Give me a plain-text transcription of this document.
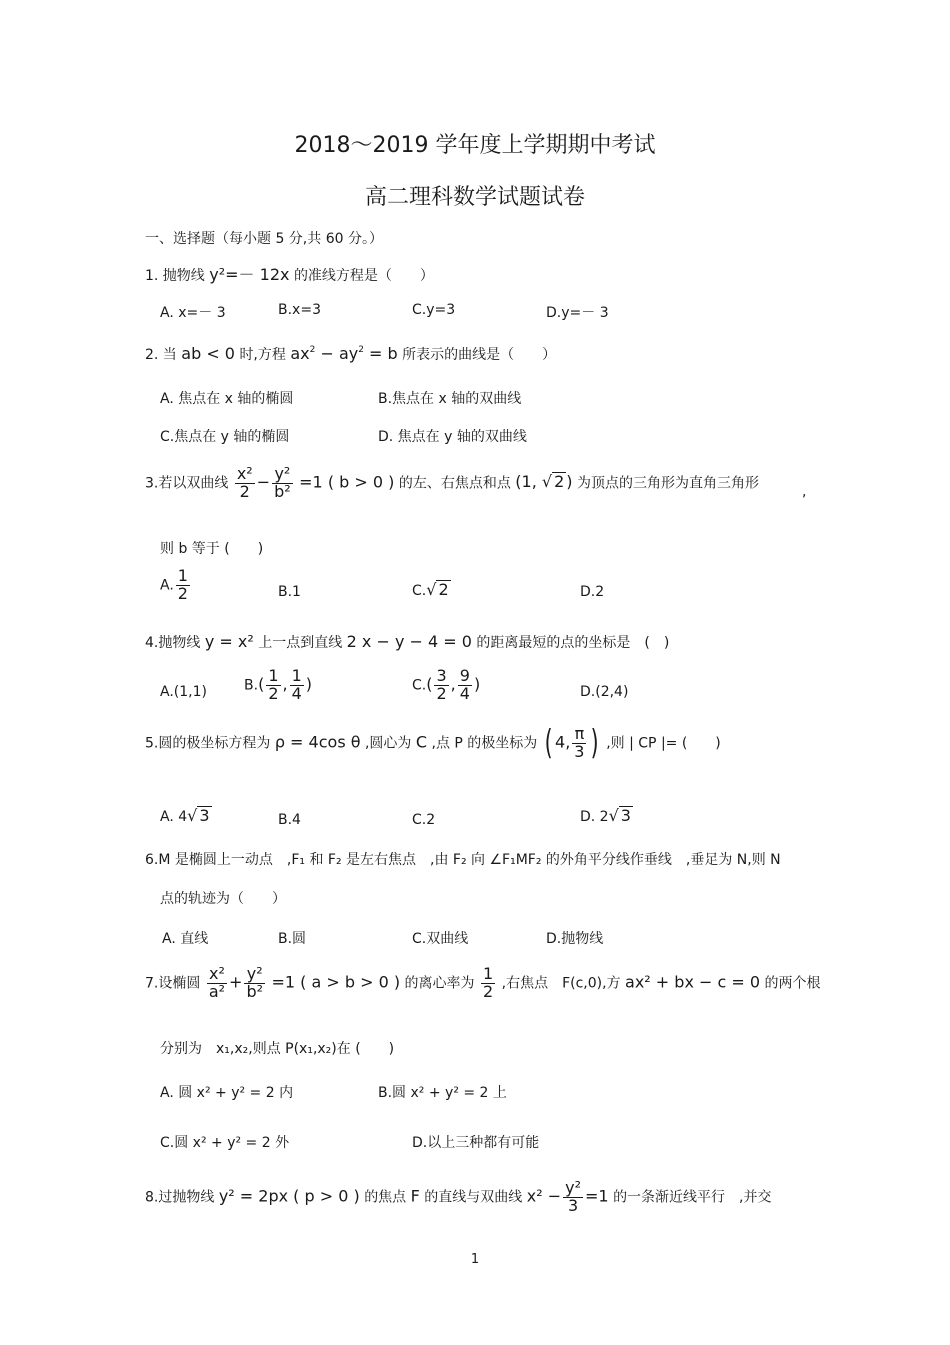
2018～2019 学年度上学期期中考试
高二理科数学试题试卷
一、选择题（每小题 5 分,共 60 分。）
1. 抛物线 y²=－ 12x 的准线方程是（　　）
A. x=－ 3	B.x=3	C.y=3	D.y=－ 3
2. 当 ab < 0 时,方程 $ax^2 - ay^2 = b$ 所表示的曲线是（　　）
A. 焦点在 x 轴的椭圆	B.焦点在 x 轴的双曲线
C.焦点在 y 轴的椭圆	D. 焦点在 y 轴的双曲线
3.若以双曲线 $\frac{\text{x²}}{2} - \frac{\text{y²}}{\text{b²}} =1$ ( b > 0 ) 的左、右焦点和点 (1, √ 2 ) 为顶点的三角形为直角三角形
,
则 b 等于 (　　)
A. $\frac{1}{2}$	B.1	C.√ 2	D.2
4.抛物线 y = x² 上一点到直线 2 x − y − 4 = 0 的距离最短的点的坐标是　(　)
A.(1,1)	$B.( \frac{1}{2}$ , $\frac{1}{4}$ )	$C.( \frac{3}{2}$ , $\frac{9}{4}$ )	D.(2,4)
5.圆的极坐标方程为 ρ = 4cos θ ,圆心为 C ,点 P 的极坐标为 ( 4, $\frac{\pi}{3}$ ) ,则 | CP |= (　　)
A. 4√ 3	B.4	C.2	D. 2√ 3
6.M 是椭圆上一动点　,F₁ 和 F₂ 是左右焦点　,由 F₂ 向 ∠F₁MF₂ 的外角平分线作垂线　,垂足为 N,则 N
点的轨迹为（　　）
A. 直线	B.圆	C.双曲线	D.抛物线
7.设椭圆 $\frac{\text{x²}}{\text{a²}} + \frac{\text{y²}}{\text{b²}} =1$ ( a > b > 0 ) 的离心率为 $\frac{1}{2}$ ,右焦点　F(c,0),方 ax² + bx − c = 0 的两个根
分别为　x₁,x₂,则点 P(x₁,x₂)在 (　　)
A. 圆 x² + y² = 2 内	B.圆 x² + y² = 2 上
C.圆 x² + y² = 2 外	D.以上三种都有可能
8.过抛物线 y² = 2px ( p > 0 ) 的焦点 F 的直线与双曲线 $x^2 - \frac{\text{y²}}{3} =1$ 的一条渐近线平行　,并交
1
